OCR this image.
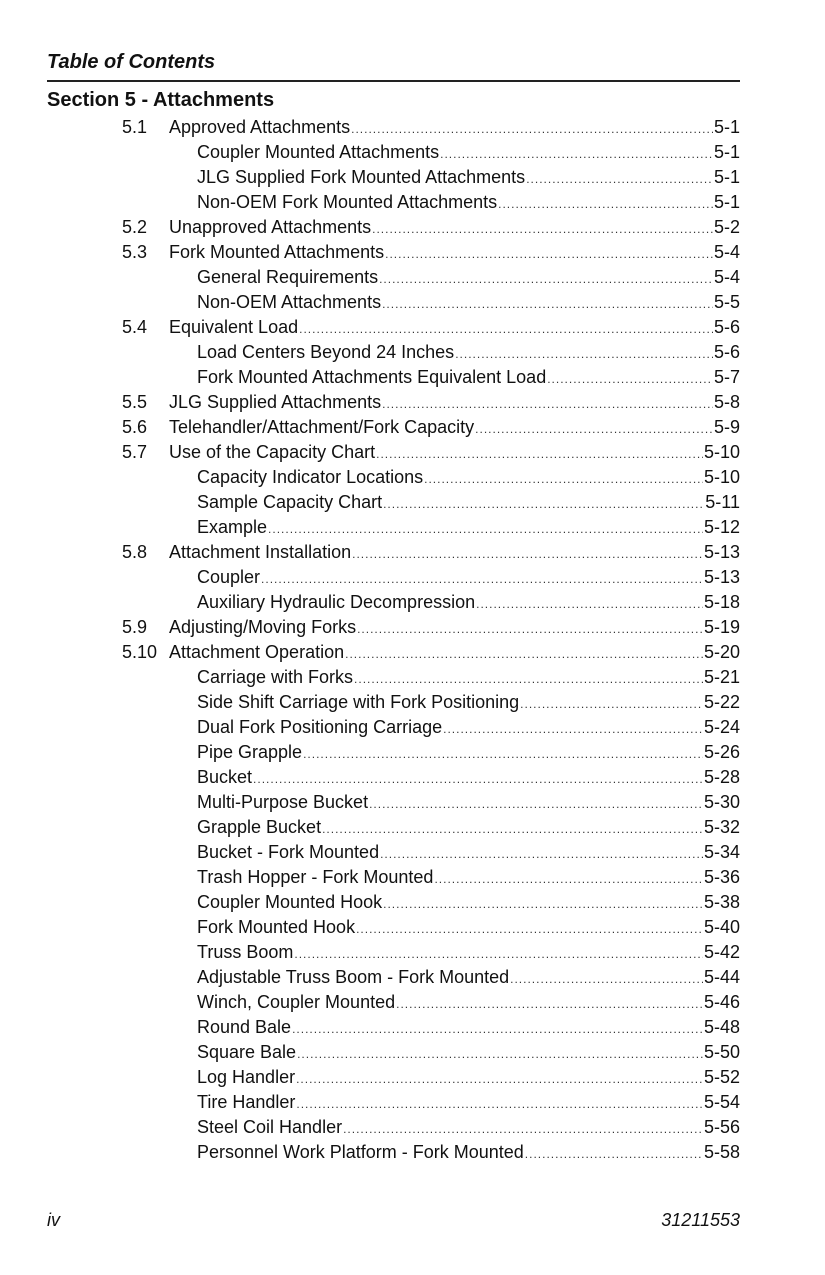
Table of Contents
Section 5 - Attachments
5.1 Approved Attachments .....	5-1
Coupler Mounted Attachments .....	5-1
JLG Supplied Fork Mounted Attachments .....	5-1
Non-OEM Fork Mounted Attachments .....	5-1
5.2 Unapproved Attachments .....	5-2
5.3 Fork Mounted Attachments .....	5-4
General Requirements .....	5-4
Non-OEM Attachments .....	5-5
5.4 Equivalent Load .....	5-6
Load Centers Beyond 24 Inches .....	5-6
Fork Mounted Attachments Equivalent Load .....	5-7
5.5 JLG Supplied Attachments .....	5-8
5.6 Telehandler/Attachment/Fork Capacity .....	5-9
5.7 Use of the Capacity Chart .....	5-10
Capacity Indicator Locations .....	5-10
Sample Capacity Chart .....	5-11
Example .....	5-12
5.8 Attachment Installation .....	5-13
Coupler .....	5-13
Auxiliary Hydraulic Decompression .....	5-18
5.9 Adjusting/Moving Forks .....	5-19
5.10 Attachment Operation .....	5-20
Carriage with Forks .....	5-21
Side Shift Carriage with Fork Positioning .....	5-22
Dual Fork Positioning Carriage .....	5-24
Pipe Grapple .....	5-26
Bucket .....	5-28
Multi-Purpose Bucket .....	5-30
Grapple Bucket .....	5-32
Bucket - Fork Mounted .....	5-34
Trash Hopper - Fork Mounted .....	5-36
Coupler Mounted Hook .....	5-38
Fork Mounted Hook .....	5-40
Truss Boom .....	5-42
Adjustable Truss Boom - Fork Mounted .....	5-44
Winch, Coupler Mounted .....	5-46
Round Bale .....	5-48
Square Bale .....	5-50
Log Handler .....	5-52
Tire Handler .....	5-54
Steel Coil Handler .....	5-56
Personnel Work Platform - Fork Mounted .....	5-58
iv	31211553
